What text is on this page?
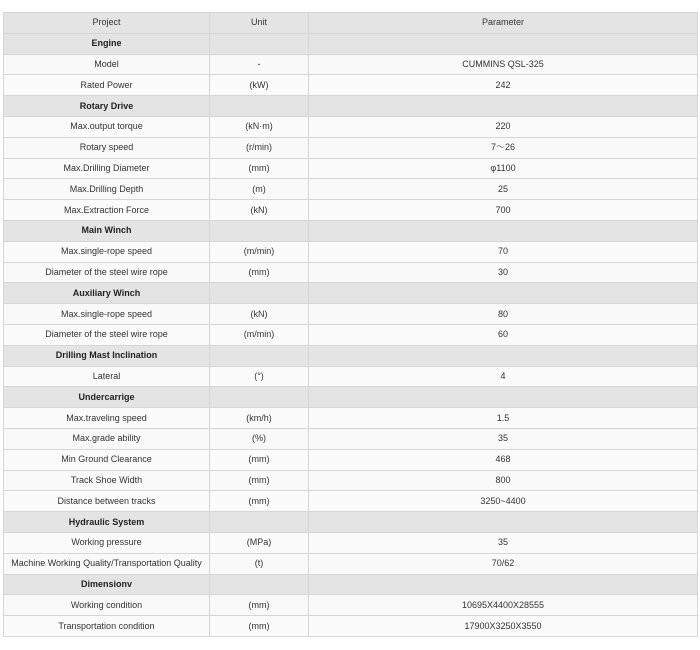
Project	Unit	Parameter
Engine		
Model	-	CUMMINS QSL-325
Rated Power	(kW)	242
Rotary Drive		
Max.output torque	(kN·m)	220
Rotary speed	(r/min)	7～26
Max.Drilling Diameter	(mm)	φ1100
Max.Drilling Depth	(m)	25
Max.Extraction Force	(kN)	700
Main Winch		
Max.single-rope speed	(m/min)	70
Diameter of the steel wire rope	(mm)	30
Auxiliary Winch		
Max.single-rope speed	(kN)	80
Diameter of the steel wire rope	(m/min)	60
Drilling Mast Inclination		
Lateral	(°)	4
Undercarrige		
Max.traveling speed	(km/h)	1.5
Max.grade ability	(%)	35
Min Ground Clearance	(mm)	468
Track Shoe Width	(mm)	800
Distance between tracks	(mm)	3250~4400
Hydraulic System		
Working pressure	(MPa)	35
Machine Working Quality/Transportation Quality	(t)	70/62
Dimensionv		
Working condition	(mm)	10695X4400X28555
Transportation condition	(mm)	17900X3250X3550
